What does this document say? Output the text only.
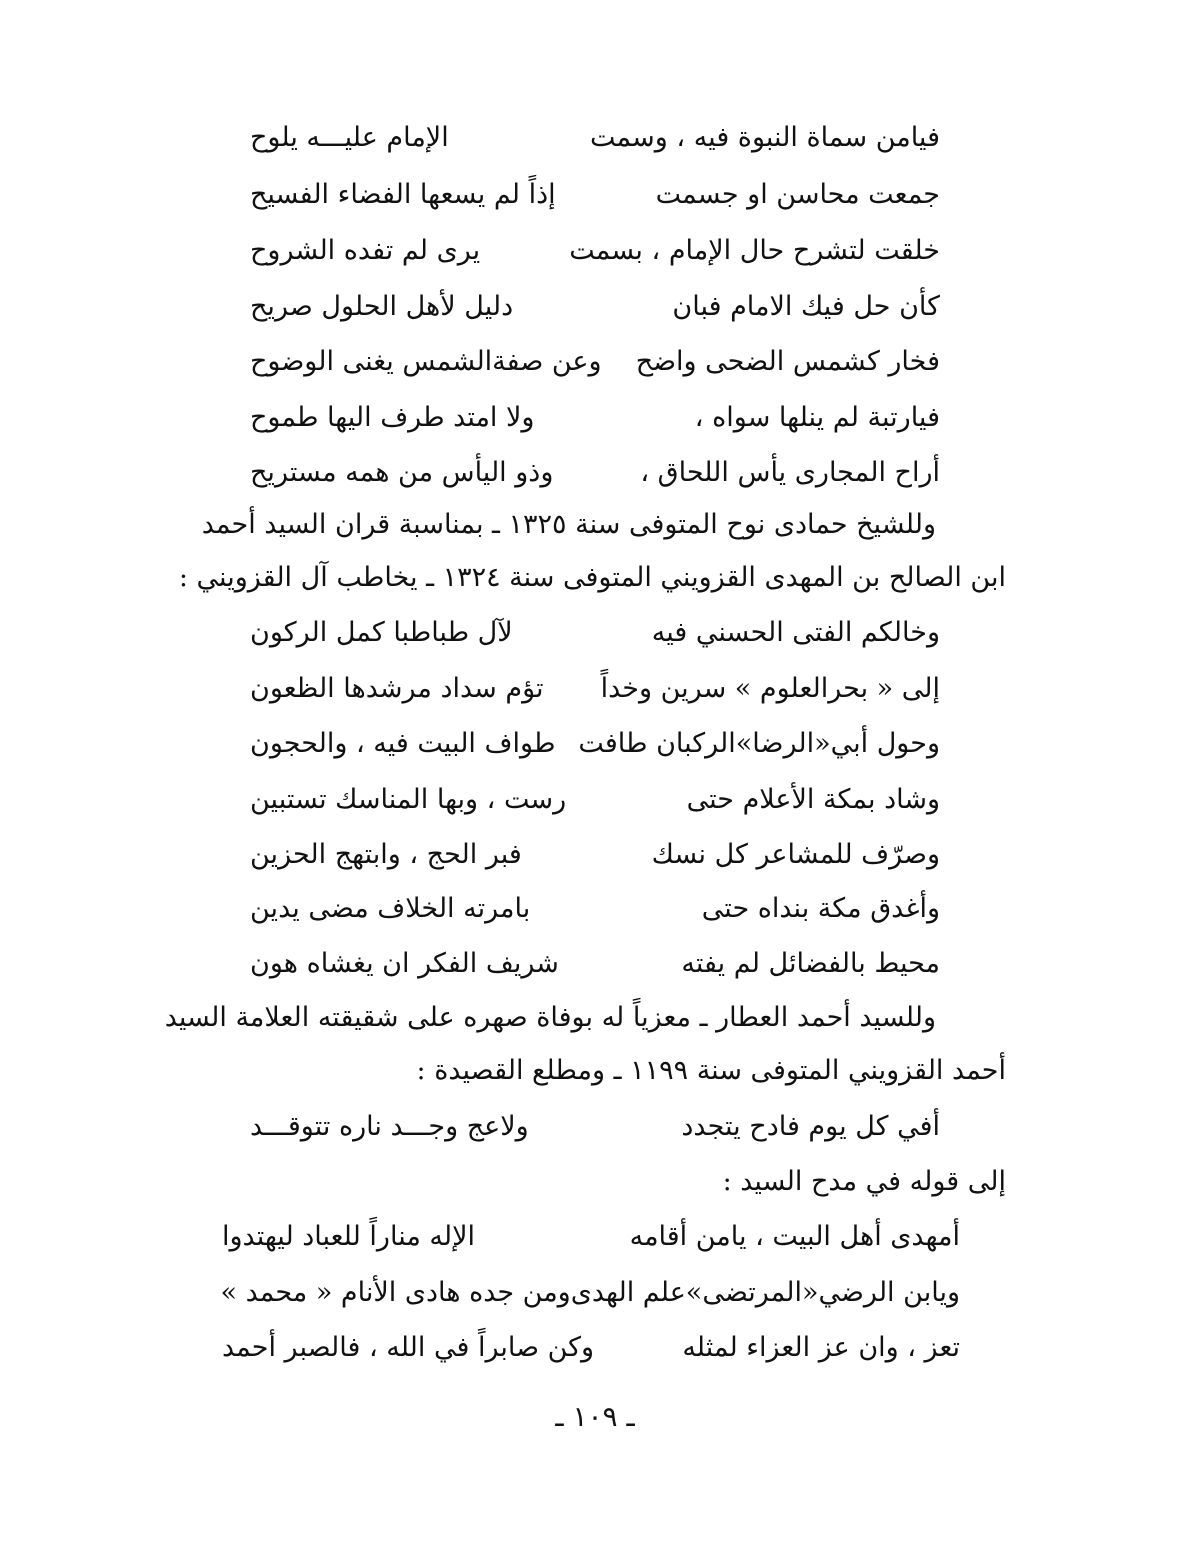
فيامن سماة النبوة فيه ، وسمت
الإمام عليـــه يلوح
جمعت محاسن او جسمت
إذاً لم يسعها الفضاء الفسيح
خلقت لتشرح حال الإمام ، بسمت
يرى لم تفده الشروح
كأن حل فيك الامام فبان
دليل لأهل الحلول صريح
فخار كشمس الضحى واضح
وعن صفةالشمس يغنى الوضوح
فيارتبة لم ينلها سواه ،
ولا امتد طرف اليها طموح
أراح المجارى يأس اللحاق ،
وذو اليأس من همه مستريح
وللشيخ حمادى نوح المتوفى سنة ١٣٢٥ ـ بمناسبة قران السيد أحمد
ابن الصالح بن المهدى القزويني المتوفى سنة ١٣٢٤ ـ يخاطب آل القزويني :
وخالكم الفتى الحسني فيه
لآل طباطبا كمل الركون
إلى « بحرالعلوم » سرين وخداً
تؤم سداد مرشدها الظعون
وحول أبي«الرضا»الركبان طافت
طواف البيت فيه ، والحجون
وشاد بمكة الأعلام حتى
رست ، وبها المناسك تستبين
وصرّف للمشاعر كل نسك
فبر الحج ، وابتهج الحزين
وأغدق مكة بنداه حتى
بامرته الخلاف مضى يدين
محيط بالفضائل لم يفته
شريف الفكر ان يغشاه هون
وللسيد أحمد العطار ـ معزياً له بوفاة صهره على شقيقته العلامة السيد
أحمد القزويني المتوفى سنة ١١٩٩ ـ ومطلع القصيدة :
أفي كل يوم فادح يتجدد
ولاعج وجـــد ناره تتوقـــد
إلى قوله في مدح السيد :
أمهدى أهل البيت ، يامن أقامه
الإله مناراً للعباد ليهتدوا
ويابن الرضي«المرتضى»علم الهدى
ومن جده هادى الأنام « محمد »
تعز ، وان عز العزاء لمثله
وكن صابراً في الله ، فالصبر أحمد
ـ ١٠٩ ـ
